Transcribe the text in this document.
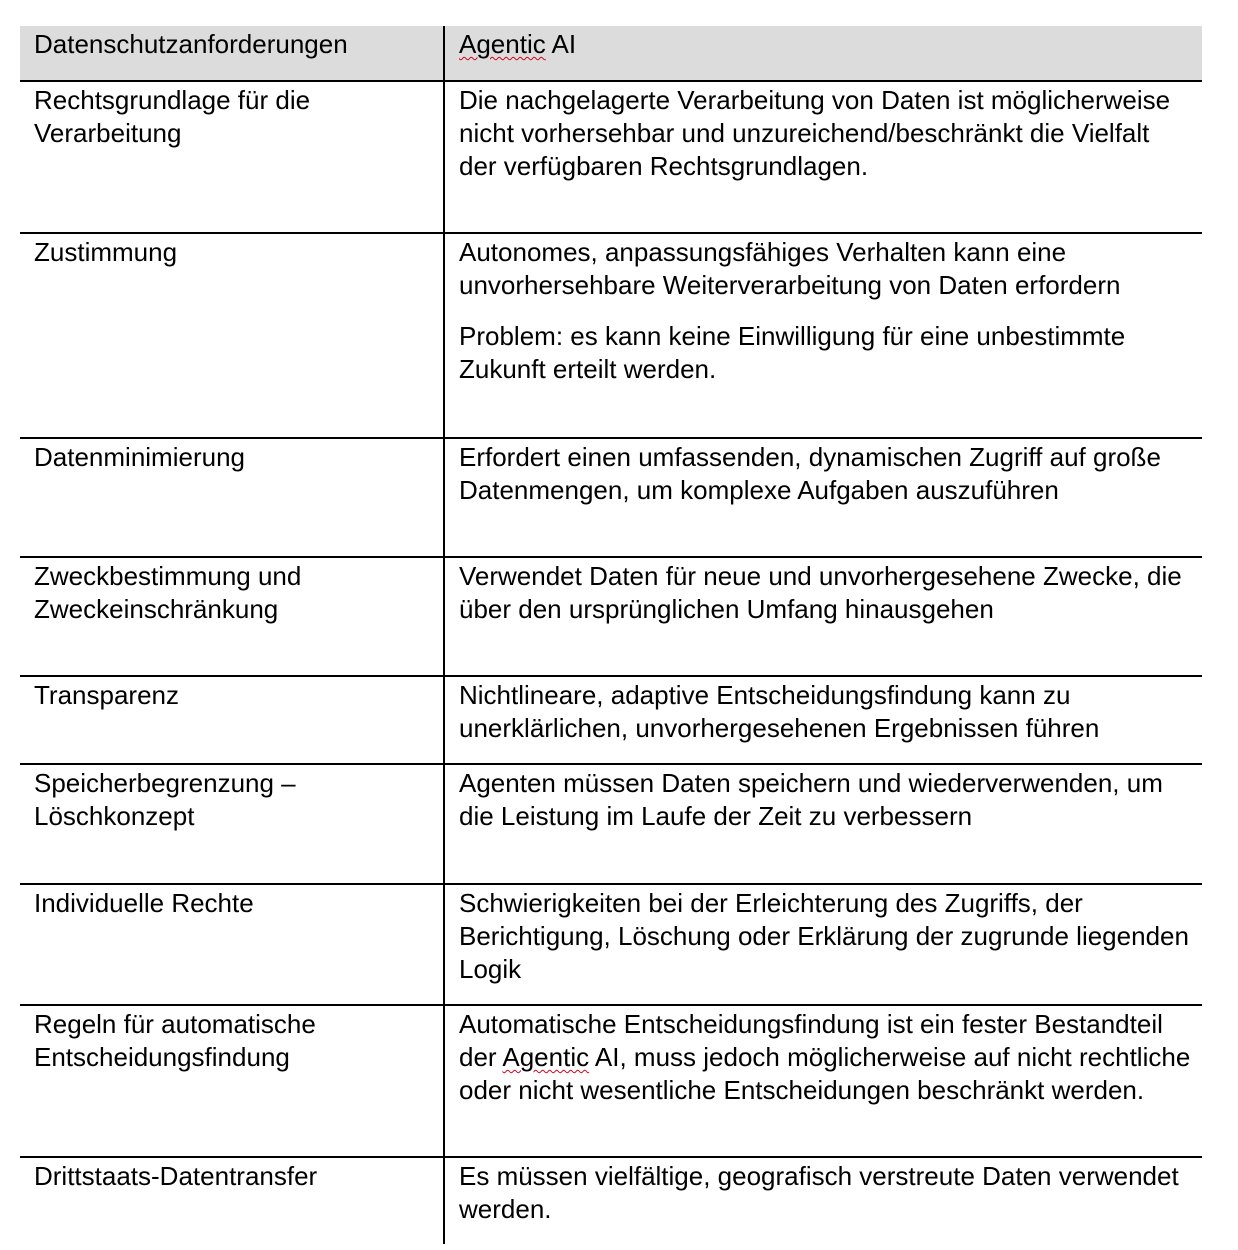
Datenschutzanforderungen	Agentic AI

Rechtsgrundlage für die Verarbeitung	Die nachgelagerte Verarbeitung von Daten ist möglicherweise nicht vorhersehbar und unzureichend/beschränkt die Vielfalt der verfügbaren Rechtsgrundlagen.

Zustimmung	Autonomes, anpassungsfähiges Verhalten kann eine unvorhersehbare Weiterverarbeitung von Daten erfordern

Problem: es kann keine Einwilligung für eine unbestimmte Zukunft erteilt werden.

Datenminimierung	Erfordert einen umfassenden, dynamischen Zugriff auf große Datenmengen, um komplexe Aufgaben auszuführen

Zweckbestimmung und Zweckeinschränkung	Verwendet Daten für neue und unvorhergesehene Zwecke, die über den ursprünglichen Umfang hinausgehen

Transparenz	Nichtlineare, adaptive Entscheidungsfindung kann zu unerklärlichen, unvorhergesehenen Ergebnissen führen

Speicherbegrenzung – Löschkonzept	Agenten müssen Daten speichern und wiederverwenden, um die Leistung im Laufe der Zeit zu verbessern

Individuelle Rechte	Schwierigkeiten bei der Erleichterung des Zugriffs, der Berichtigung, Löschung oder Erklärung der zugrunde liegenden Logik

Regeln für automatische Entscheidungsfindung	Automatische Entscheidungsfindung ist ein fester Bestandteil der Agentic AI, muss jedoch möglicherweise auf nicht rechtliche oder nicht wesentliche Entscheidungen beschränkt werden.

Drittstaats-Datentransfer	Es müssen vielfältige, geografisch verstreute Daten verwendet werden.
